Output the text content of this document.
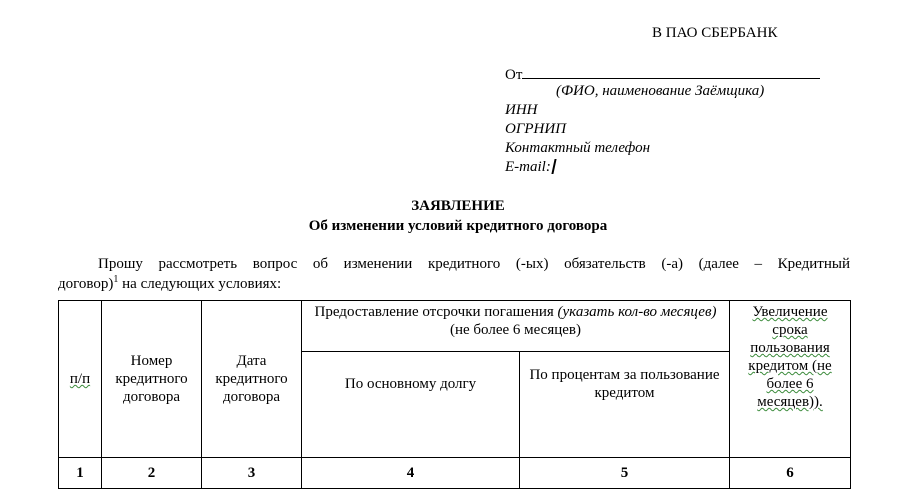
В ПАО СБЕРБАНК
От
(ФИО, наименование Заёмщика)
ИНН
ОГРНИП
Контактный телефон
E-mail:
ЗАЯВЛЕНИЕ
Об изменении условий кредитного договора
Прошу рассмотреть вопрос об изменении кредитного (-ых) обязательств (-а) (далее – Кредитный
договор)$^1$ на следующих условиях:
п/п	Номер кредитного договора	Дата кредитного договора	Предоставление отсрочки погашения (указать кол-во месяцев) (не более 6 месяцев)		Увеличение срока пользования кредитом (не более 6 месяцев)).
			По основному долгу	По процентам за пользование кредитом	
1	2	3	4	5	6
